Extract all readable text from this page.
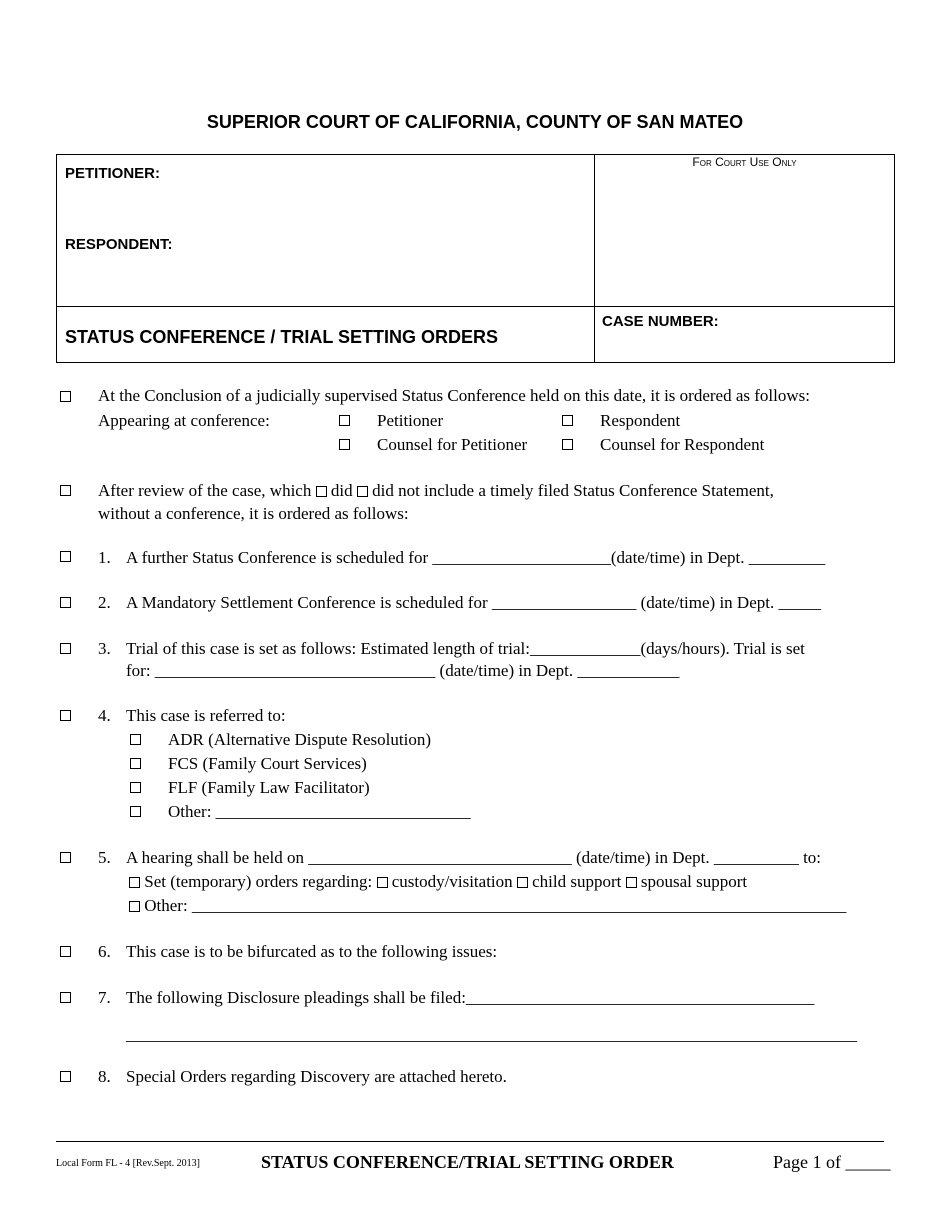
SUPERIOR COURT OF CALIFORNIA, COUNTY OF SAN MATEO
PETITIONER:
RESPONDENT:
For Court Use Only
STATUS CONFERENCE / TRIAL SETTING ORDERS
CASE NUMBER:
At the Conclusion of a judicially supervised Status Conference held on this date, it is ordered as follows:
Appearing at conference:	Petitioner	Respondent
Counsel for Petitioner	Counsel for Respondent
After review of the case, which did did not include a timely filed Status Conference Statement,
without a conference, it is ordered as follows:
1. A further Status Conference is scheduled for _____________________(date/time) in Dept. _________
2. A Mandatory Settlement Conference is scheduled for _________________ (date/time) in Dept. _____
3. Trial of this case is set as follows: Estimated length of trial:_____________(days/hours). Trial is set
for: _________________________________ (date/time) in Dept. ____________
4. This case is referred to:
ADR (Alternative Dispute Resolution)
FCS (Family Court Services)
FLF (Family Law Facilitator)
Other: ______________________________
5. A hearing shall be held on _______________________________ (date/time) in Dept. __________ to:
Set (temporary) orders regarding: custody/visitation child support spousal support
Other: _____________________________________________________________________________
6. This case is to be bifurcated as to the following issues:
7. The following Disclosure pleadings shall be filed:_________________________________________
______________________________________________________________________________________
8. Special Orders regarding Discovery are attached hereto.
Local Form FL - 4 [Rev.Sept. 2013]	STATUS CONFERENCE/TRIAL SETTING ORDER	Page 1 of _____
